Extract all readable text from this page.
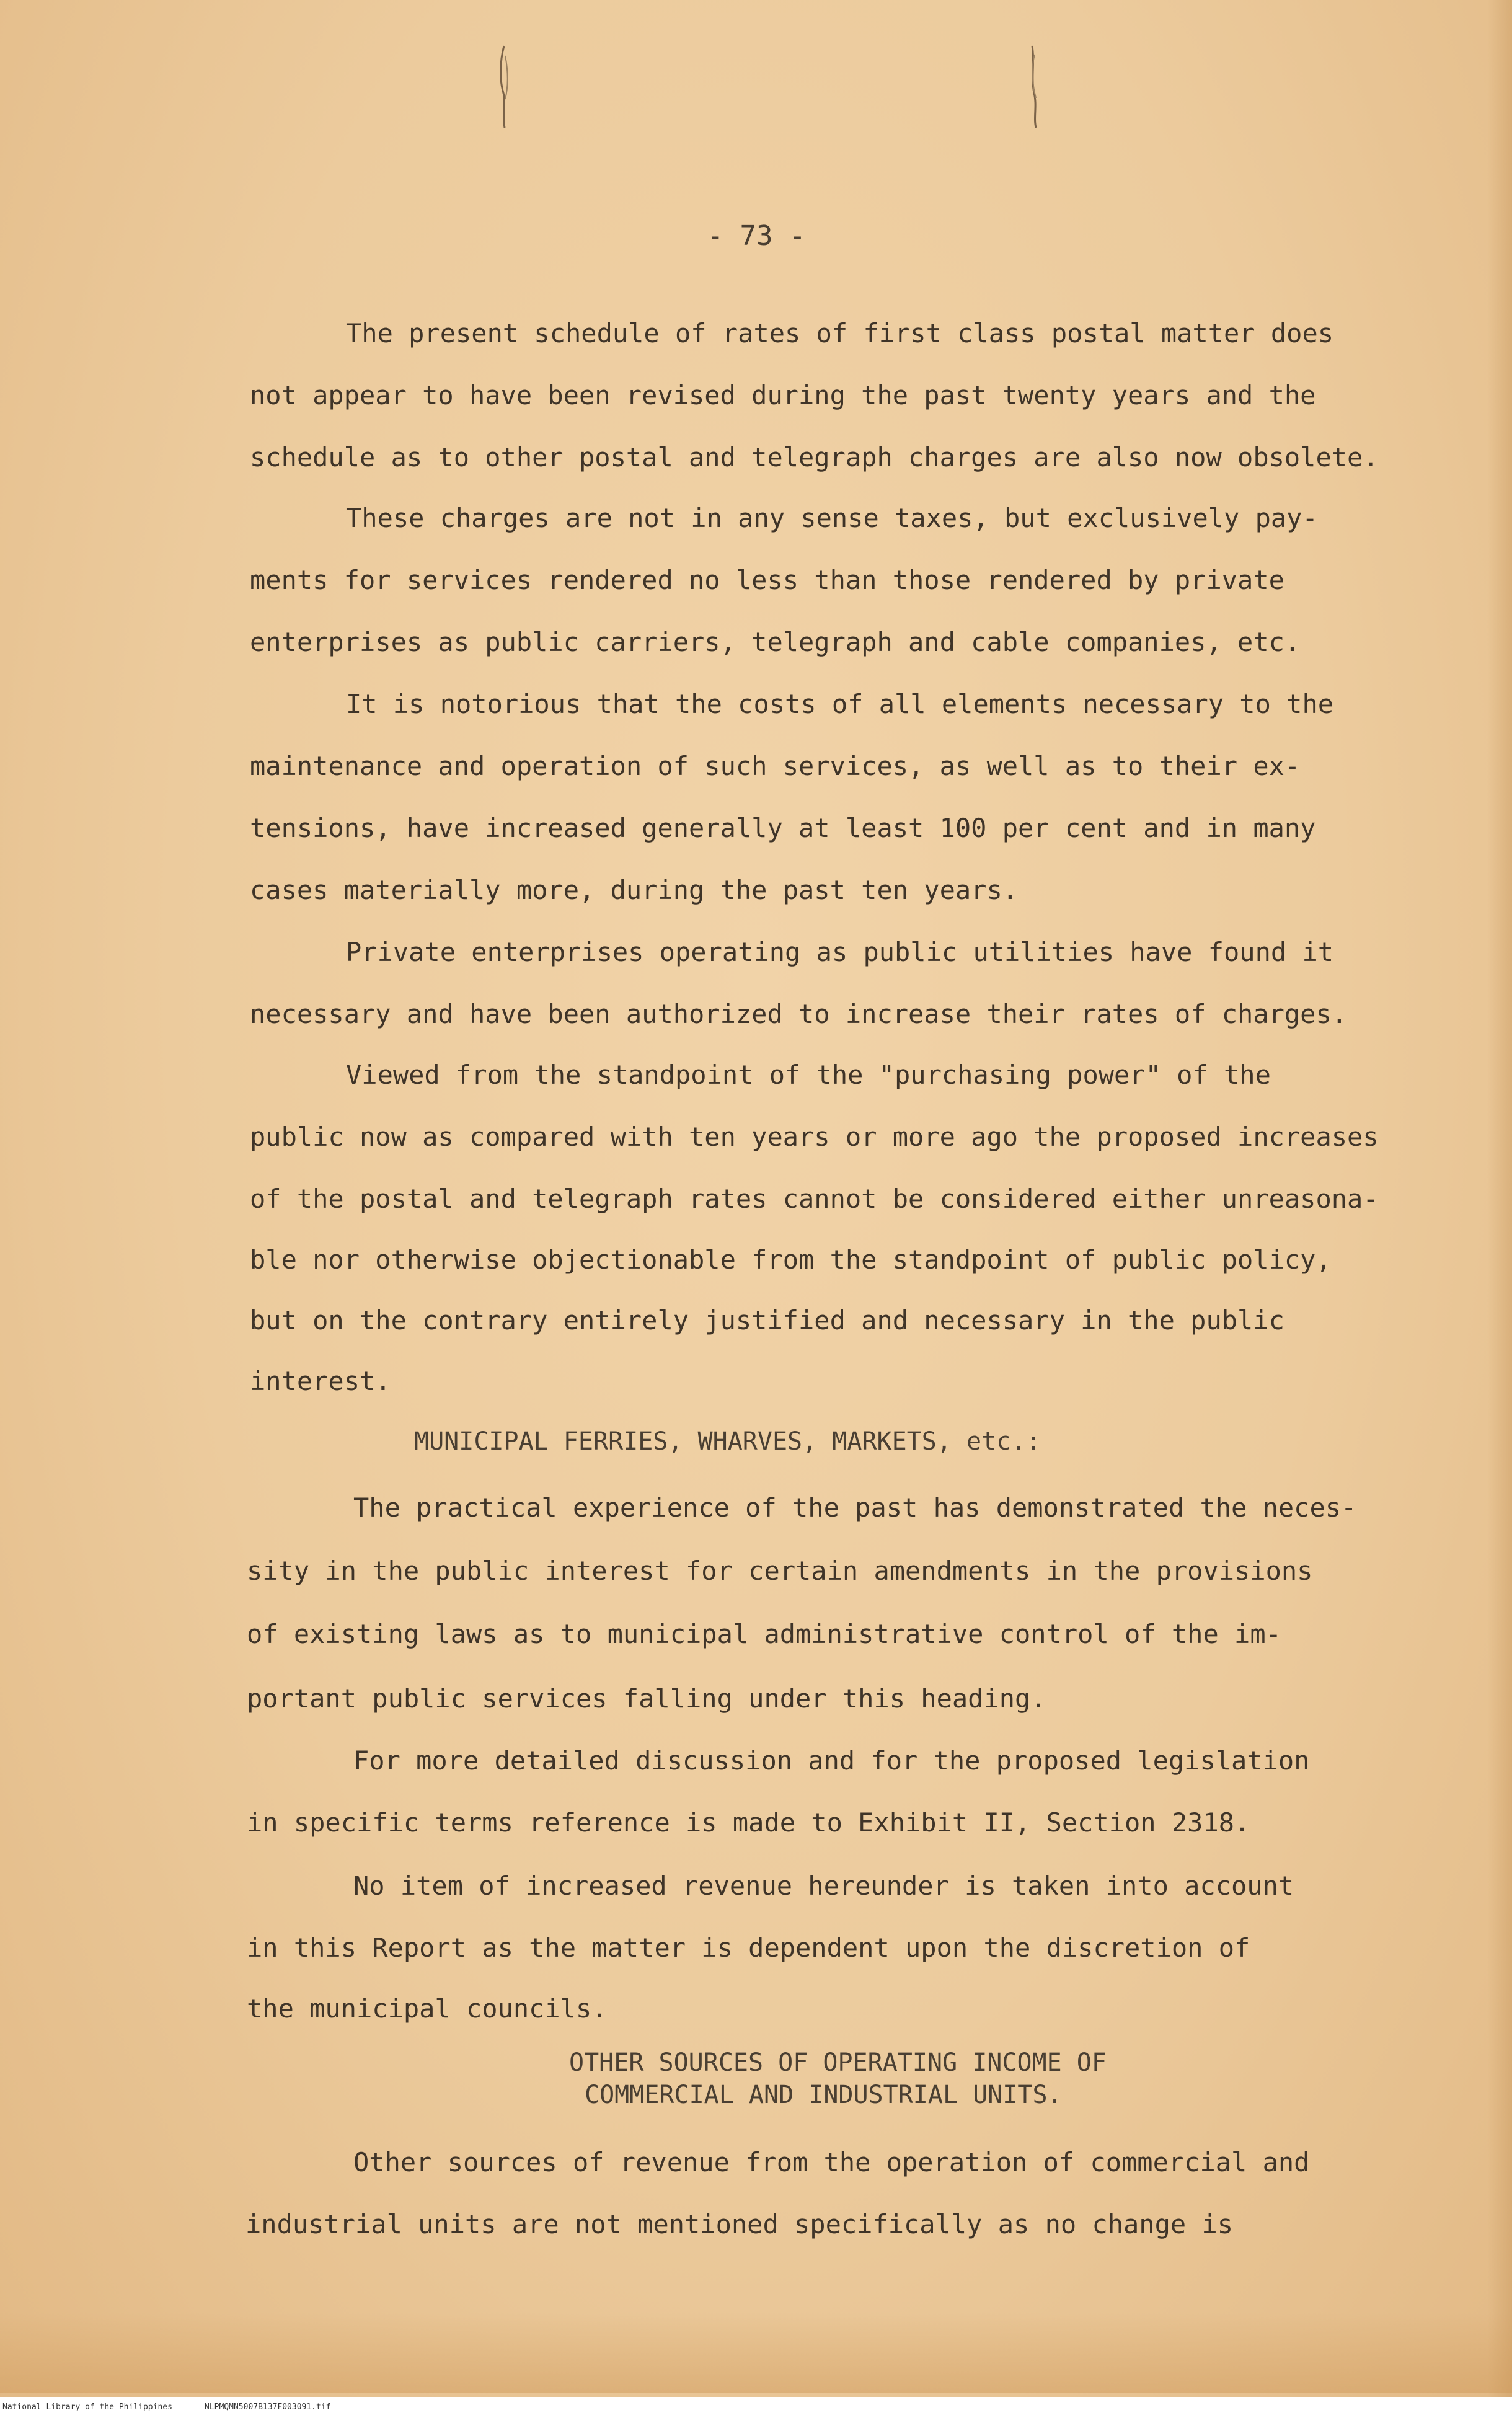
- 73 -
The present schedule of rates of first class postal matter does
not appear to have been revised during the past twenty years and the
schedule as to other postal and telegraph charges are also now obsolete.
These charges are not in any sense taxes, but exclusively pay-
ments for services rendered no less than those rendered by private
enterprises as public carriers, telegraph and cable companies, etc.
It is notorious that the costs of all elements necessary to the
maintenance and operation of such services, as well as to their ex-
tensions, have increased generally at least 100 per cent and in many
cases materially more, during the past ten years.
Private enterprises operating as public utilities have found it
necessary and have been authorized to increase their rates of charges.
Viewed from the standpoint of the "purchasing power" of the
public now as compared with ten years or more ago the proposed increases
of the postal and telegraph rates cannot be considered either unreasona-
ble nor otherwise objectionable from the standpoint of public policy,
but on the contrary entirely justified and necessary in the public
interest.
MUNICIPAL FERRIES, WHARVES, MARKETS, etc.:
The practical experience of the past has demonstrated the neces-
sity in the public interest for certain amendments in the provisions
of existing laws as to municipal administrative control of the im-
portant public services falling under this heading.
For more detailed discussion and for the proposed legislation
in specific terms reference is made to Exhibit II, Section 2318.
No item of increased revenue hereunder is taken into account
in this Report as the matter is dependent upon the discretion of
the municipal councils.
OTHER SOURCES OF OPERATING INCOME OF
COMMERCIAL AND INDUSTRIAL UNITS.
Other sources of revenue from the operation of commercial and
industrial units are not mentioned specifically as no change is
National Library of the Philippines	NLPMQMN5007B137F003091.tif
